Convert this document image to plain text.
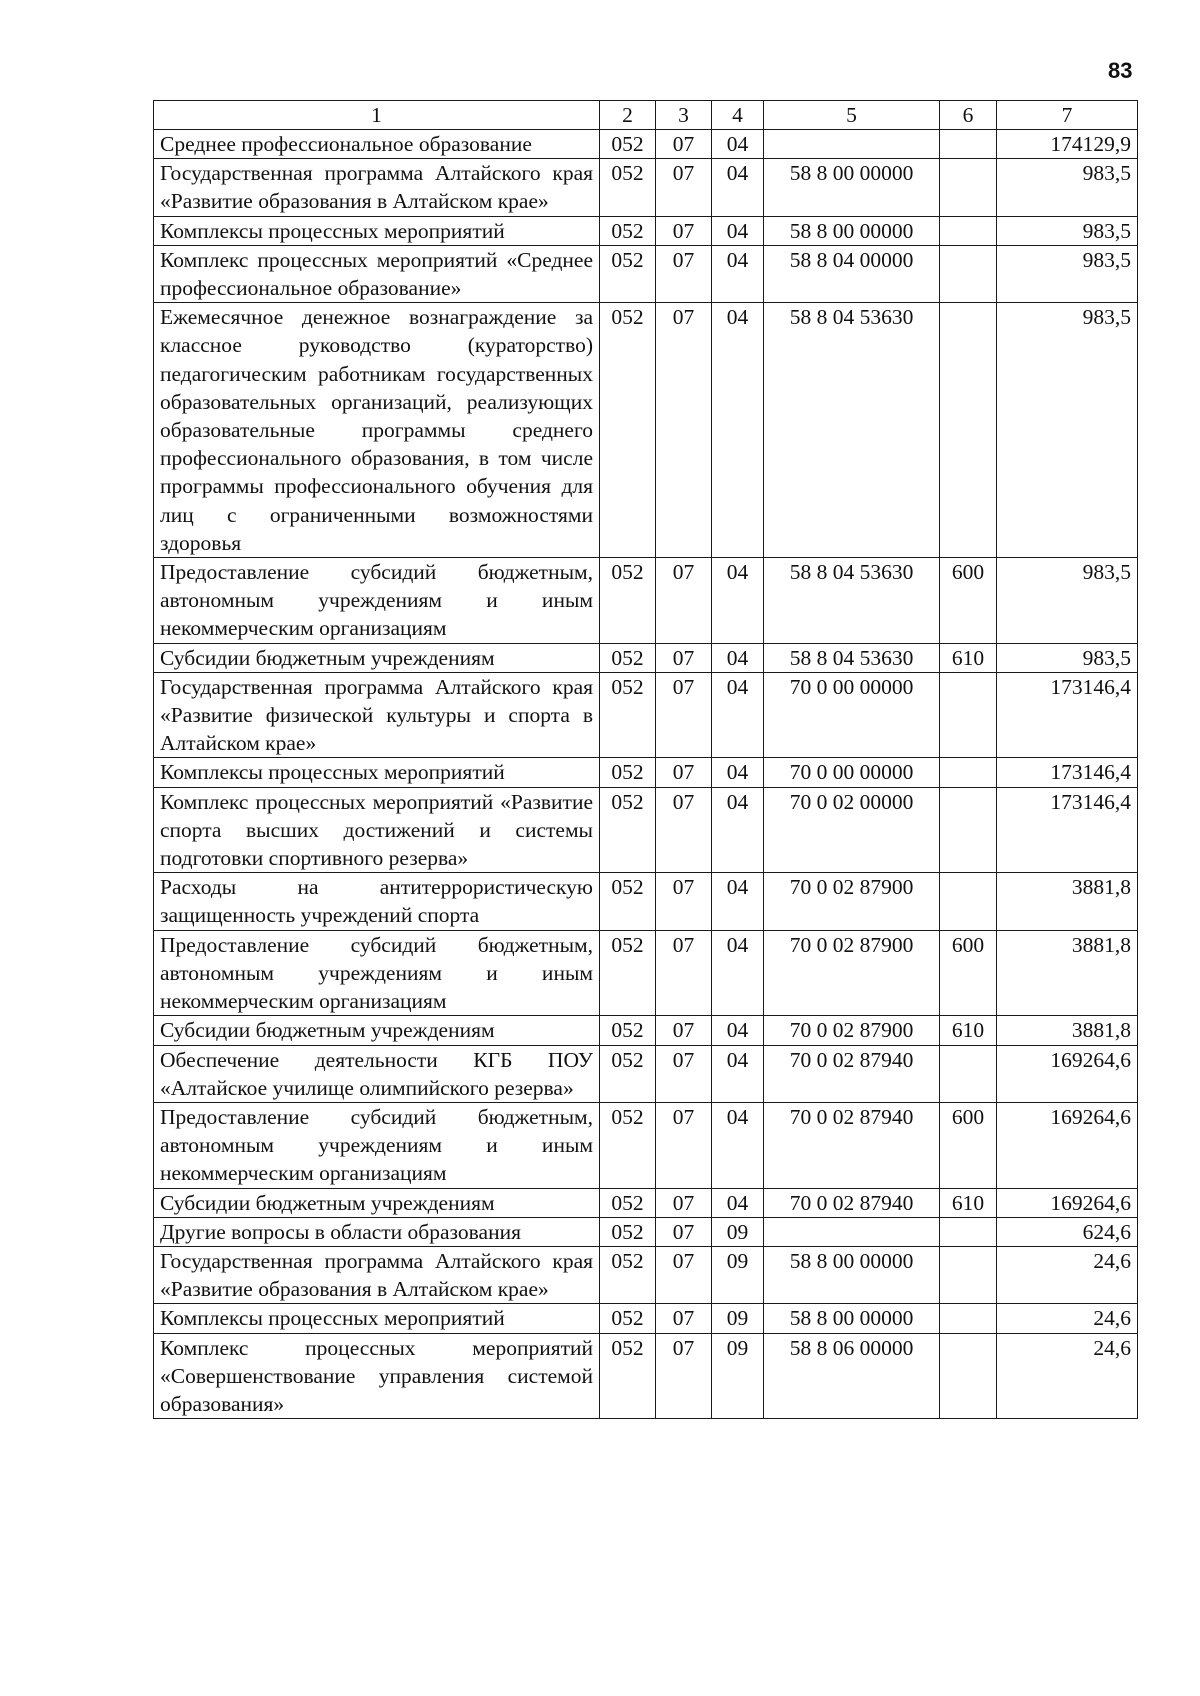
83
1	2	3	4	5	6	7
Среднее профессиональное образование	052	07	04			174129,9
Государственная программа Алтайского края «Развитие образования в Алтайском крае»	052	07	04	58 8 00 00000		983,5
Комплексы процессных мероприятий	052	07	04	58 8 00 00000		983,5
Комплекс процессных мероприятий «Среднее профессиональное образование»	052	07	04	58 8 04 00000		983,5
Ежемесячное денежное вознаграждение за классное руководство (кураторство) педагогическим работникам государственных образовательных организаций, реализующих образовательные программы среднего профессионального образования, в том числе программы профессионального обучения для лиц с ограниченными возможностями здоровья	052	07	04	58 8 04 53630		983,5
Предоставление субсидий бюджетным, автономным учреждениям и иным некоммерческим организациям	052	07	04	58 8 04 53630	600	983,5
Субсидии бюджетным учреждениям	052	07	04	58 8 04 53630	610	983,5
Государственная программа Алтайского края «Развитие физической культуры и спорта в Алтайском крае»	052	07	04	70 0 00 00000		173146,4
Комплексы процессных мероприятий	052	07	04	70 0 00 00000		173146,4
Комплекс процессных мероприятий «Развитие спорта высших достижений и системы подготовки спортивного резерва»	052	07	04	70 0 02 00000		173146,4
Расходы на антитеррористическую защищенность учреждений спорта	052	07	04	70 0 02 87900		3881,8
Предоставление субсидий бюджетным, автономным учреждениям и иным некоммерческим организациям	052	07	04	70 0 02 87900	600	3881,8
Субсидии бюджетным учреждениям	052	07	04	70 0 02 87900	610	3881,8
Обеспечение деятельности КГБ ПОУ «Алтайское училище олимпийского резерва»	052	07	04	70 0 02 87940		169264,6
Предоставление субсидий бюджетным, автономным учреждениям и иным некоммерческим организациям	052	07	04	70 0 02 87940	600	169264,6
Субсидии бюджетным учреждениям	052	07	04	70 0 02 87940	610	169264,6
Другие вопросы в области образования	052	07	09			624,6
Государственная программа Алтайского края «Развитие образования в Алтайском крае»	052	07	09	58 8 00 00000		24,6
Комплексы процессных мероприятий	052	07	09	58 8 00 00000		24,6
Комплекс процессных мероприятий «Совершенствование управления системой образования»	052	07	09	58 8 06 00000		24,6
